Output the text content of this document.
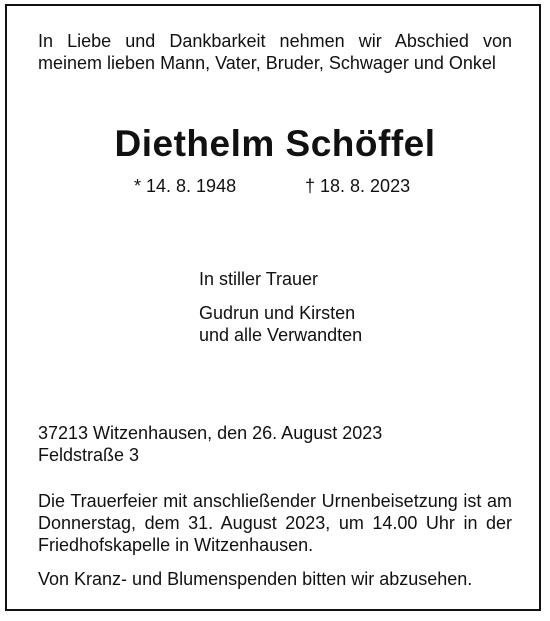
In Liebe und Dankbarkeit nehmen wir Abschied von meinem lieben Mann, Vater, Bruder, Schwager und Onkel
Diethelm Schöffel
* 14. 8. 1948	† 18. 8. 2023
In stiller Trauer
Gudrun und Kirsten
und alle Verwandten
37213 Witzenhausen, den 26. August 2023
Feldstraße 3
Die Trauerfeier mit anschließender Urnenbeisetzung ist am Donnerstag, dem 31. August 2023, um 14.00 Uhr in der Friedhofskapelle in Witzenhausen.
Von Kranz- und Blumenspenden bitten wir abzusehen.
